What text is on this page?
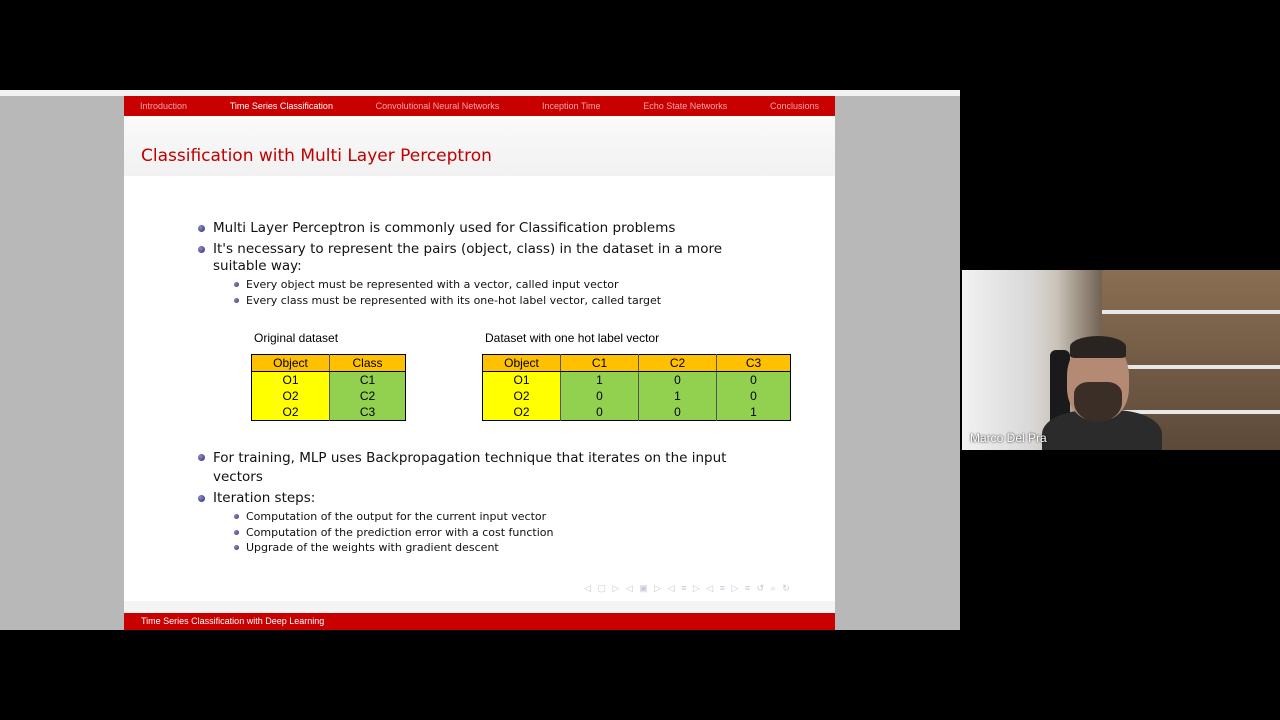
Introduction	Time Series Classification	Convolutional Neural Networks	Inception Time	Echo State Networks	Conclusions
Classification with Multi Layer Perceptron
Multi Layer Perceptron is commonly used for Classification problems
It's necessary to represent the pairs (object, class) in the dataset in a more suitable way:
Every object must be represented with a vector, called input vector
Every class must be represented with its one-hot label vector, called target
Original dataset	Dataset with one hot label vector
Object	Class
O1	C1
O2	C2
O2	C3
Object	C1	C2	C3
O1	1	0	0
O2	0	1	0
O2	0	0	1
For training, MLP uses Backpropagation technique that iterates on the input vectors
Iteration steps:
Computation of the output for the current input vector
Computation of the prediction error with a cost function
Upgrade of the weights with gradient descent
◁ ▢ ▷ ◁ ▣ ▷ ◁ ≡ ▷ ◁ ≡ ▷ ≡ ↺ ⌕ ↻
Time Series Classification with Deep Learning
Marco Del Pra
